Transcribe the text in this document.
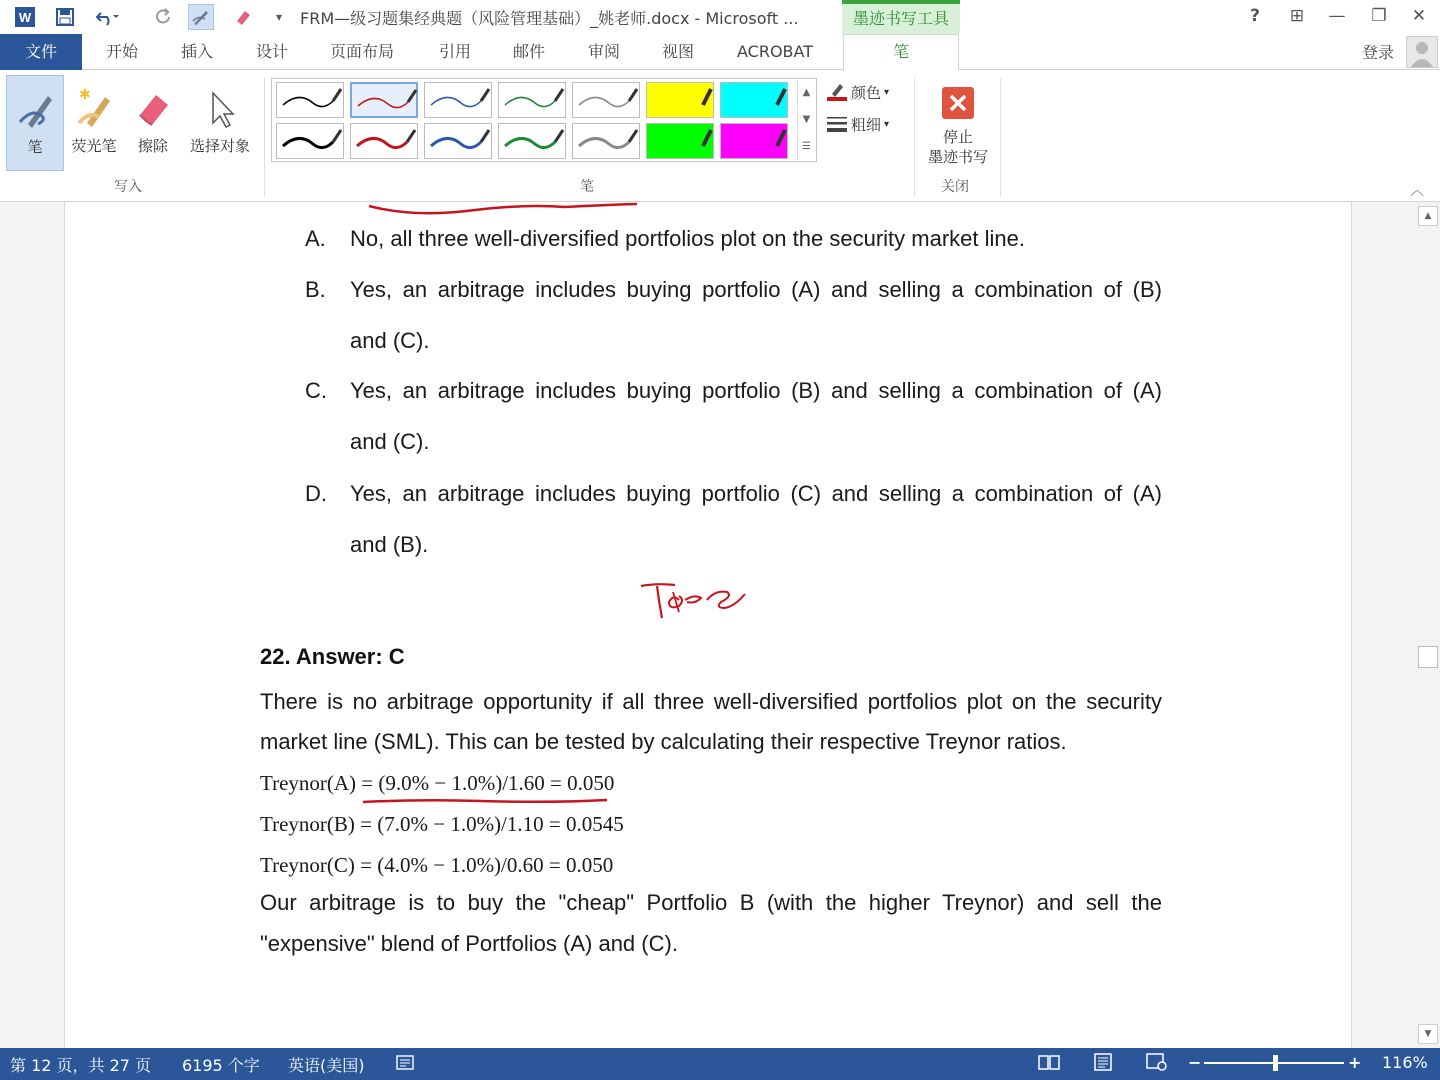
W	▾	FRM—级习题集经典题（风险管理基础）_姚老师.docx - Microsoft ...	墨迹书写工具	?	⊞	—	❐	✕
文件	开始	插入	设计	页面布局	引用	邮件	审阅	视图	ACROBAT	笔	登录
笔
✱
荧光笔	擦除	选择对象
写入
▲
▼
☰
颜色 ▾
粗细 ▾
笔
停止
墨迹书写
关闭	︿
A. No, all three well-diversified portfolios plot on the security market line.
B. Yes, an arbitrage includes buying portfolio (A) and selling a combination of (B)
and (C).
C. Yes, an arbitrage includes buying portfolio (B) and selling a combination of (A)
and (C).
D. Yes, an arbitrage includes buying portfolio (C) and selling a combination of (A)
and (B).
22. Answer: C
There is no arbitrage opportunity if all three well-diversified portfolios plot on the security
market line (SML). This can be tested by calculating their respective Treynor ratios.
Treynor(A) = (9.0% − 1.0%)/1.60 = 0.050
Treynor(B) = (7.0% − 1.0%)/1.10 = 0.0545
Treynor(C) = (4.0% − 1.0%)/0.60 = 0.050
Our arbitrage is to buy the "cheap" Portfolio B (with the higher Treynor) and sell the
"expensive" blend of Portfolios (A) and (C).
▲
▼
第 12 页，共 27 页 6195 个字 英语(美国)	−	+ 116%
